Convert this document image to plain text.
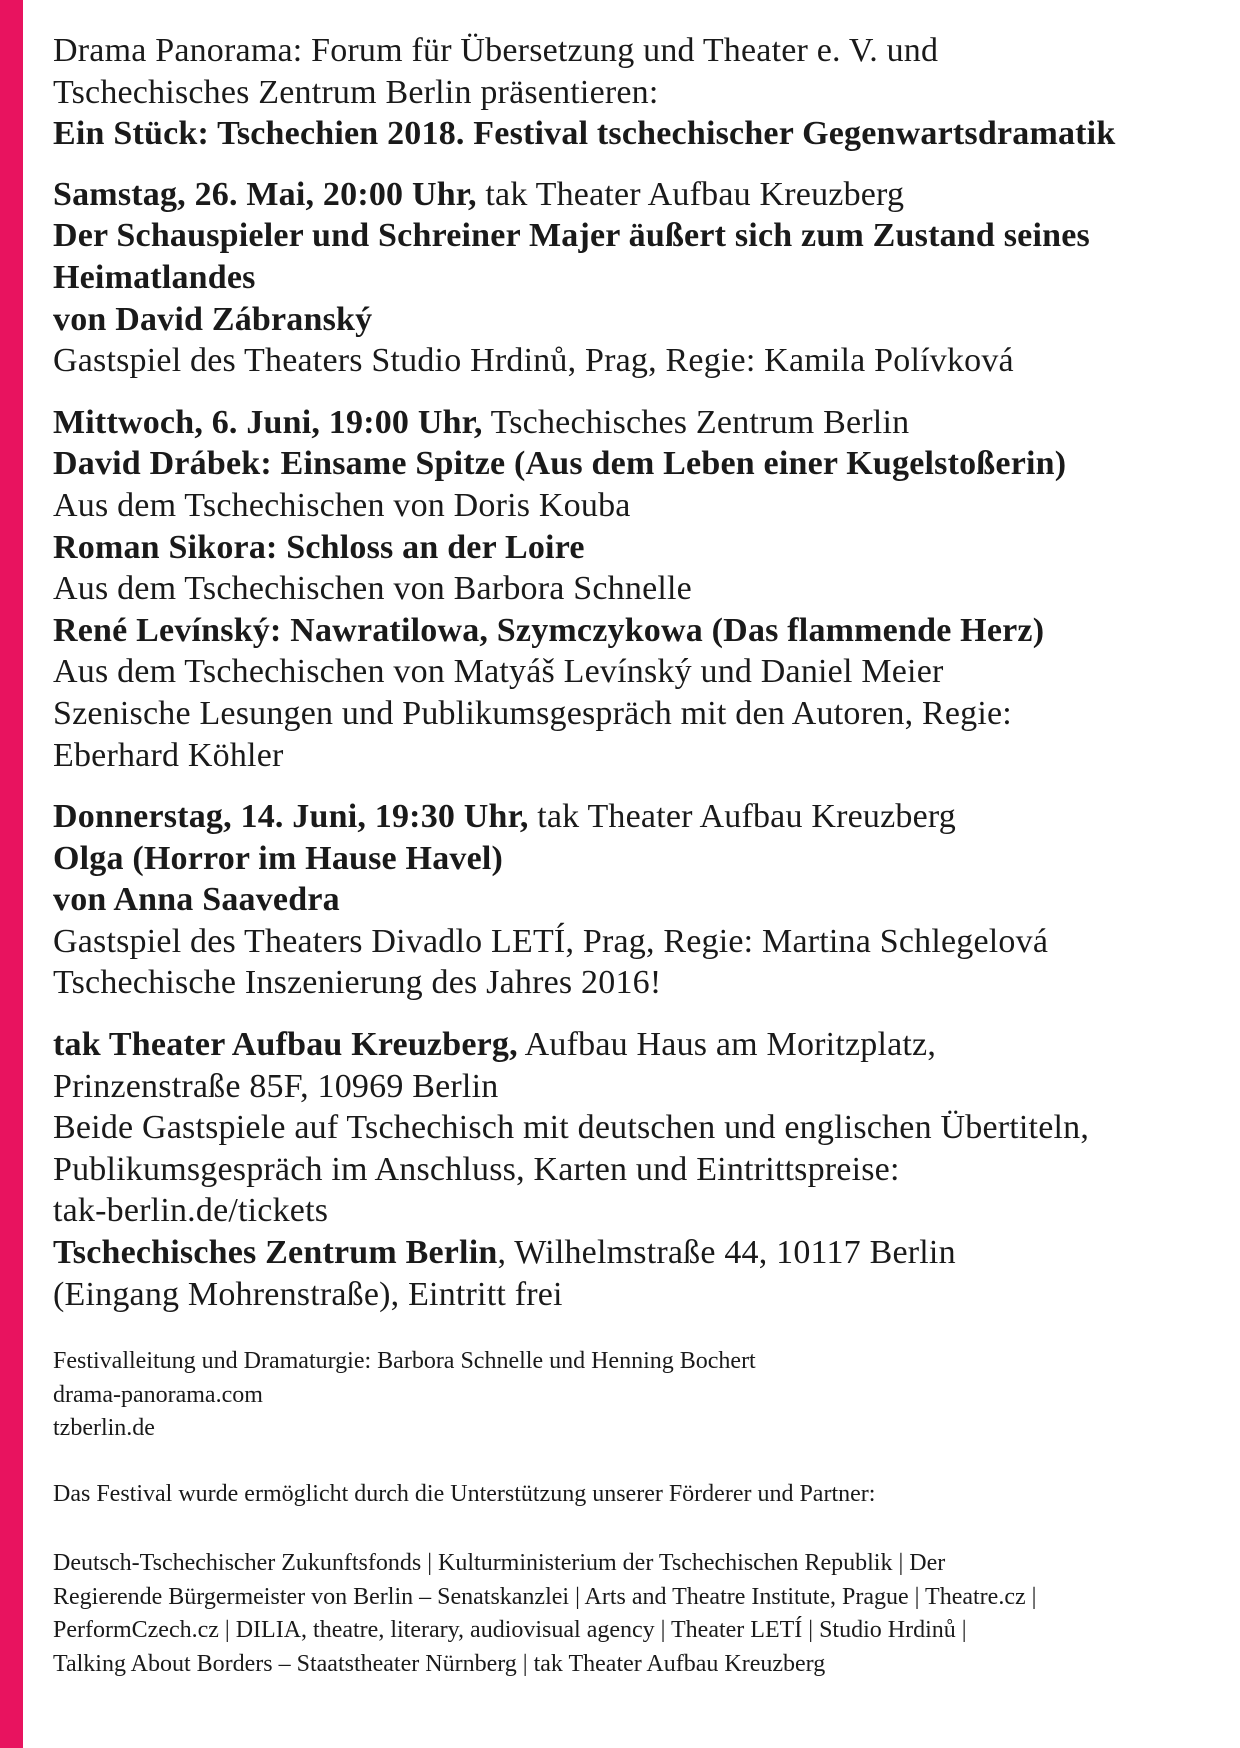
Drama Panorama: Forum für Übersetzung und Theater e. V. und

Tschechisches Zentrum Berlin präsentieren:

Ein Stück: Tschechien 2018. Festival tschechischer Gegenwartsdramatik

Samstag, 26. Mai, 20:00 Uhr, tak Theater Aufbau Kreuzberg

Der Schauspieler und Schreiner Majer äußert sich zum Zustand seines

Heimatlandes

von David Zábranský

Gastspiel des Theaters Studio Hrdinů, Prag, Regie: Kamila Polívková

Mittwoch, 6. Juni, 19:00 Uhr, Tschechisches Zentrum Berlin

David Drábek: Einsame Spitze (Aus dem Leben einer Kugelstoßerin)

Aus dem Tschechischen von Doris Kouba

Roman Sikora: Schloss an der Loire

Aus dem Tschechischen von Barbora Schnelle

René Levínský: Nawratilowa, Szymczykowa (Das flammende Herz)

Aus dem Tschechischen von Matyáš Levínský und Daniel Meier

Szenische Lesungen und Publikumsgespräch mit den Autoren, Regie:

Eberhard Köhler

Donnerstag, 14. Juni, 19:30 Uhr, tak Theater Aufbau Kreuzberg

Olga (Horror im Hause Havel)

von Anna Saavedra

Gastspiel des Theaters Divadlo LETÍ, Prag, Regie: Martina Schlegelová

Tschechische Inszenierung des Jahres 2016!

tak Theater Aufbau Kreuzberg, Aufbau Haus am Moritzplatz,

Prinzenstraße 85F, 10969 Berlin

Beide Gastspiele auf Tschechisch mit deutschen und englischen Übertiteln,

Publikumsgespräch im Anschluss, Karten und Eintrittspreise:

tak-berlin.de/tickets

Tschechisches Zentrum Berlin, Wilhelmstraße 44, 10117 Berlin

(Eingang Mohrenstraße), Eintritt frei

Festivalleitung und Dramaturgie: Barbora Schnelle und Henning Bochert

drama-panorama.com

tzberlin.de

Das Festival wurde ermöglicht durch die Unterstützung unserer Förderer und Partner:

Deutsch-Tschechischer Zukunftsfonds | Kulturministerium der Tschechischen Republik | Der

Regierende Bürgermeister von Berlin – Senatskanzlei | Arts and Theatre Institute, Prague | Theatre.cz |

PerformCzech.cz | DILIA, theatre, literary, audiovisual agency | Theater LETÍ | Studio Hrdinů |

Talking About Borders – Staatstheater Nürnberg | tak Theater Aufbau Kreuzberg
